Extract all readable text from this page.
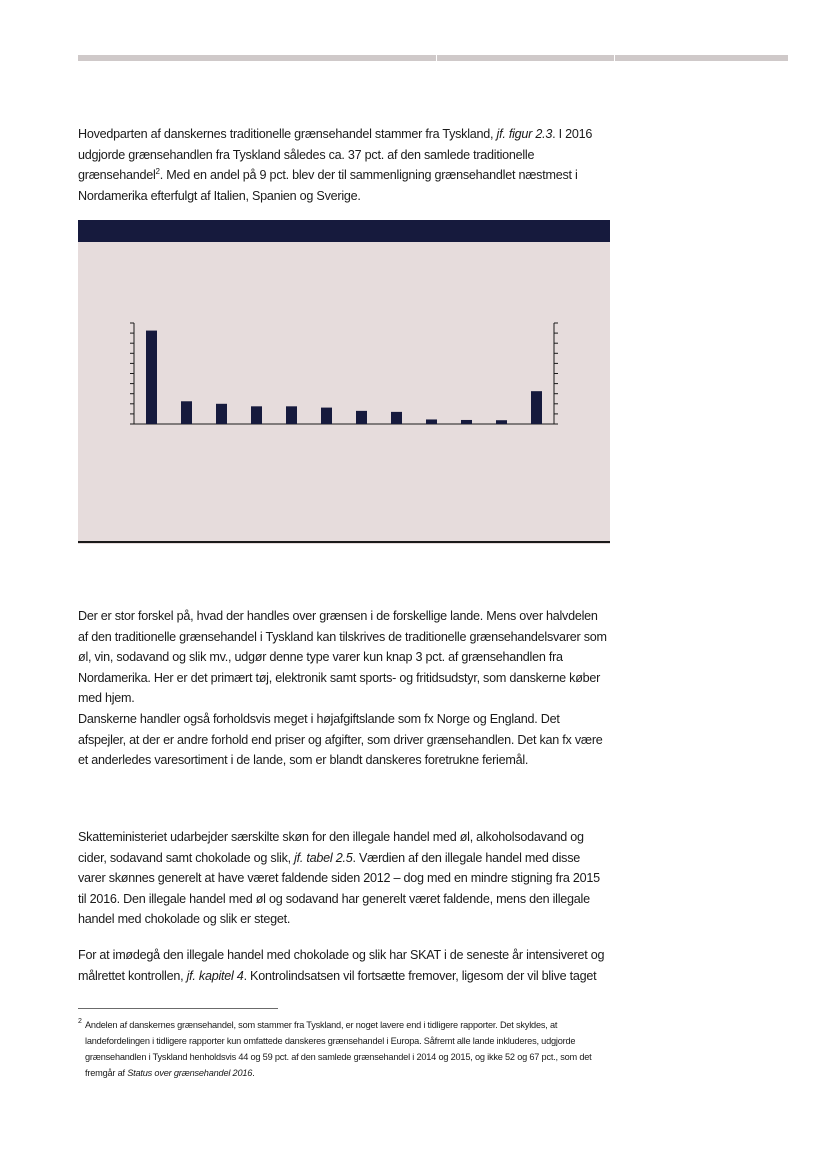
Hovedparten af danskernes traditionelle grænsehandel stammer fra Tyskland, jf. figur 2.3. I 2016 udgjorde grænsehandlen fra Tyskland således ca. 37 pct. af den samlede traditionelle grænsehandel$^2$. Med en andel på 9 pct. blev der til sammenligning grænsehandlet næstmest i Nordamerika efterfulgt af Italien, Spanien og Sverige.

Der er stor forskel på, hvad der handles over grænsen i de forskellige lande. Mens over halvdelen af den traditionelle grænsehandel i Tyskland kan tilskrives de traditionelle grænsehandelsvarer som øl, vin, sodavand og slik mv., udgør denne type varer kun knap 3 pct. af grænsehandlen fra Nordamerika. Her er det primært tøj, elektronik samt sports- og fritidsudstyr, som danskerne køber med hjem.

Danskerne handler også forholdsvis meget i højafgiftslande som fx Norge og England. Det afspejler, at der er andre forhold end priser og afgifter, som driver grænsehandlen. Det kan fx være et anderledes varesortiment i de lande, som er blandt danskeres foretrukne feriemål.

Skatteministeriet udarbejder særskilte skøn for den illegale handel med øl, alkoholsodavand og cider, sodavand samt chokolade og slik, jf. tabel 2.5. Værdien af den illegale handel med disse varer skønnes generelt at have været faldende siden 2012 – dog med en mindre stigning fra 2015 til 2016. Den illegale handel med øl og sodavand har generelt været faldende, mens den illegale handel med chokolade og slik er steget.

For at imødegå den illegale handel med chokolade og slik har SKAT i de seneste år intensiveret og målrettet kontrollen, jf. kapitel 4. Kontrolindsatsen vil fortsætte fremover, ligesom der vil blive taget

2 Andelen af danskernes grænsehandel, som stammer fra Tyskland, er noget lavere end i tidligere rapporter. Det skyldes, at landefordelingen i tidligere rapporter kun omfattede danskeres grænsehandel i Europa. Såfremt alle lande inkluderes, udgjorde grænsehandlen i Tyskland henholdsvis 44 og 59 pct. af den samlede grænsehandel i 2014 og 2015, og ikke 52 og 67 pct., som det fremgår af Status over grænsehandel 2016.
